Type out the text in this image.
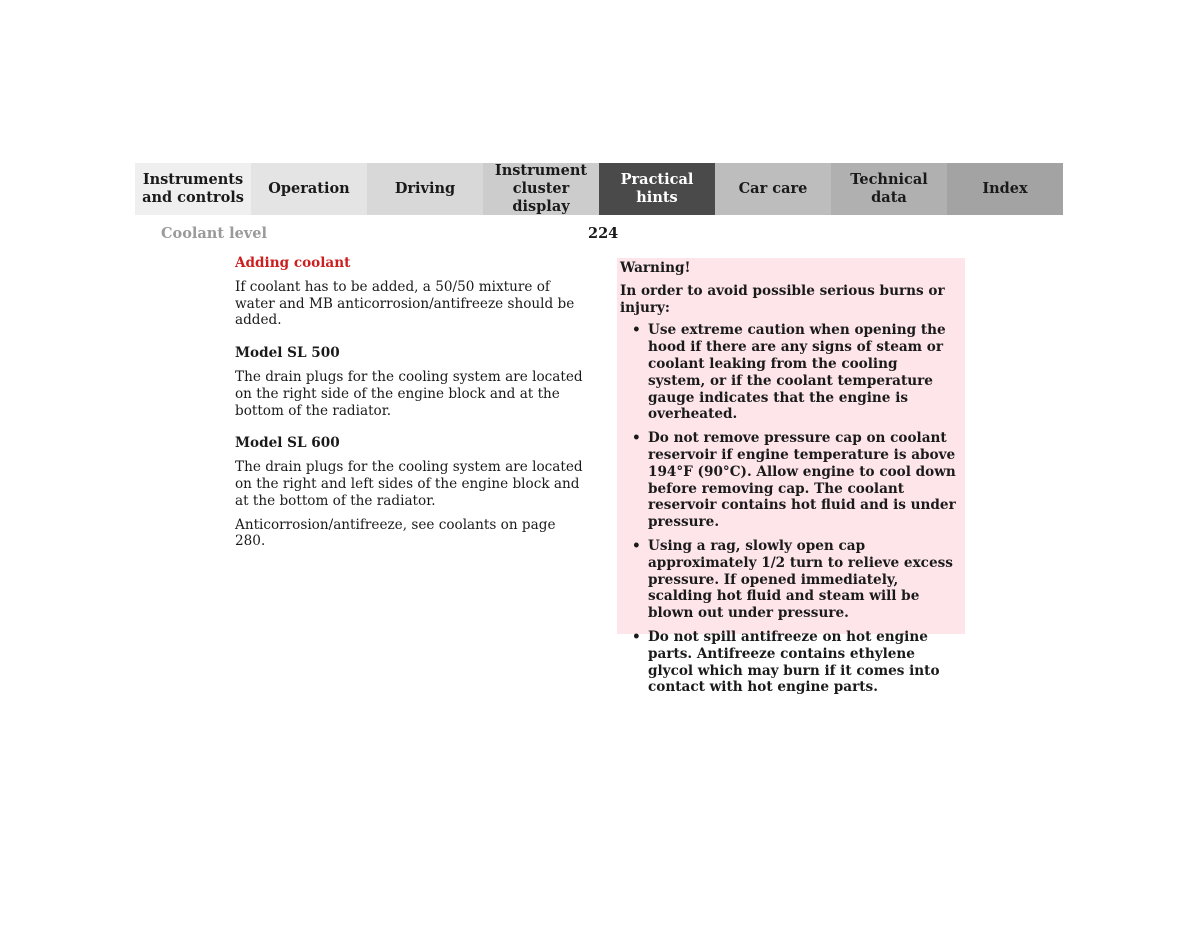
Instruments
and controls
Operation	Driving
Instrument
cluster display
Practical hints
Car care
Technical
data
Index
Coolant level	224
Adding coolant

If coolant has to be added, a 50/50 mixture of water and MB anticorrosion/antifreeze should be added.

Model SL 500

The drain plugs for the cooling system are located on the right side of the engine block and at the bottom of the radiator.

Model SL 600

The drain plugs for the cooling system are located on the right and left sides of the engine block and at the bottom of the radiator.

Anticorrosion/antifreeze, see coolants on page 280.

Warning!

In order to avoid possible serious burns or injury:

• Use extreme caution when opening the hood if there are any signs of steam or coolant leaking from the cooling system, or if the coolant temperature gauge indicates that the engine is overheated.
• Do not remove pressure cap on coolant reservoir if engine temperature is above 194°F (90°C). Allow engine to cool down before removing cap. The coolant reservoir contains hot fluid and is under pressure.
• Using a rag, slowly open cap approximately 1/2 turn to relieve excess pressure. If opened immediately, scalding hot fluid and steam will be blown out under pressure.
• Do not spill antifreeze on hot engine parts. Antifreeze contains ethylene glycol which may burn if it comes into contact with hot engine parts.
